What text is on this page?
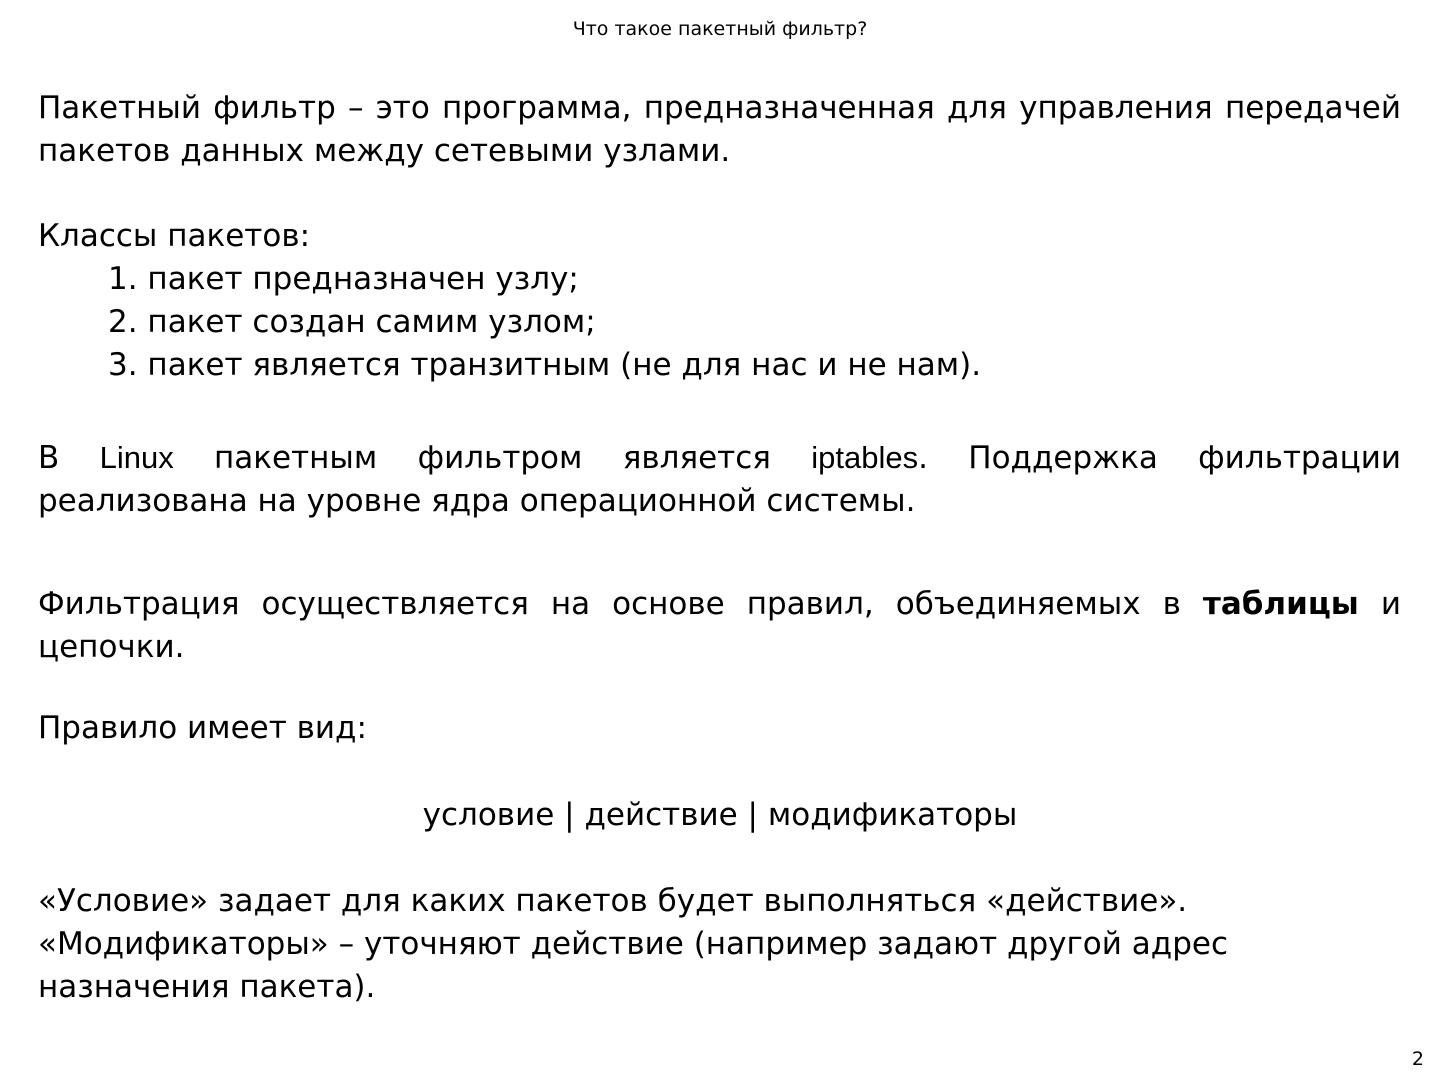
Что такое пакетный фильтр?

Пакетный фильтр – это программа, предназначенная для управления передачей пакетов данных между сетевыми узлами.

Классы пакетов:

1. пакет предназначен узлу;
2. пакет создан самим узлом;
3. пакет является транзитным (не для нас и не нам).

В Linux пакетным фильтром является iptables. Поддержка фильтрации реализована на уровне ядра операционной системы.

Фильтрация осуществляется на основе правил, объединяемых в таблицы и цепочки.

Правило имеет вид:

условие | действие | модификаторы

«Условие» задает для каких пакетов будет выполняться «действие».

«Модификаторы» – уточняют действие (например задают другой адрес назначения пакета).

2
